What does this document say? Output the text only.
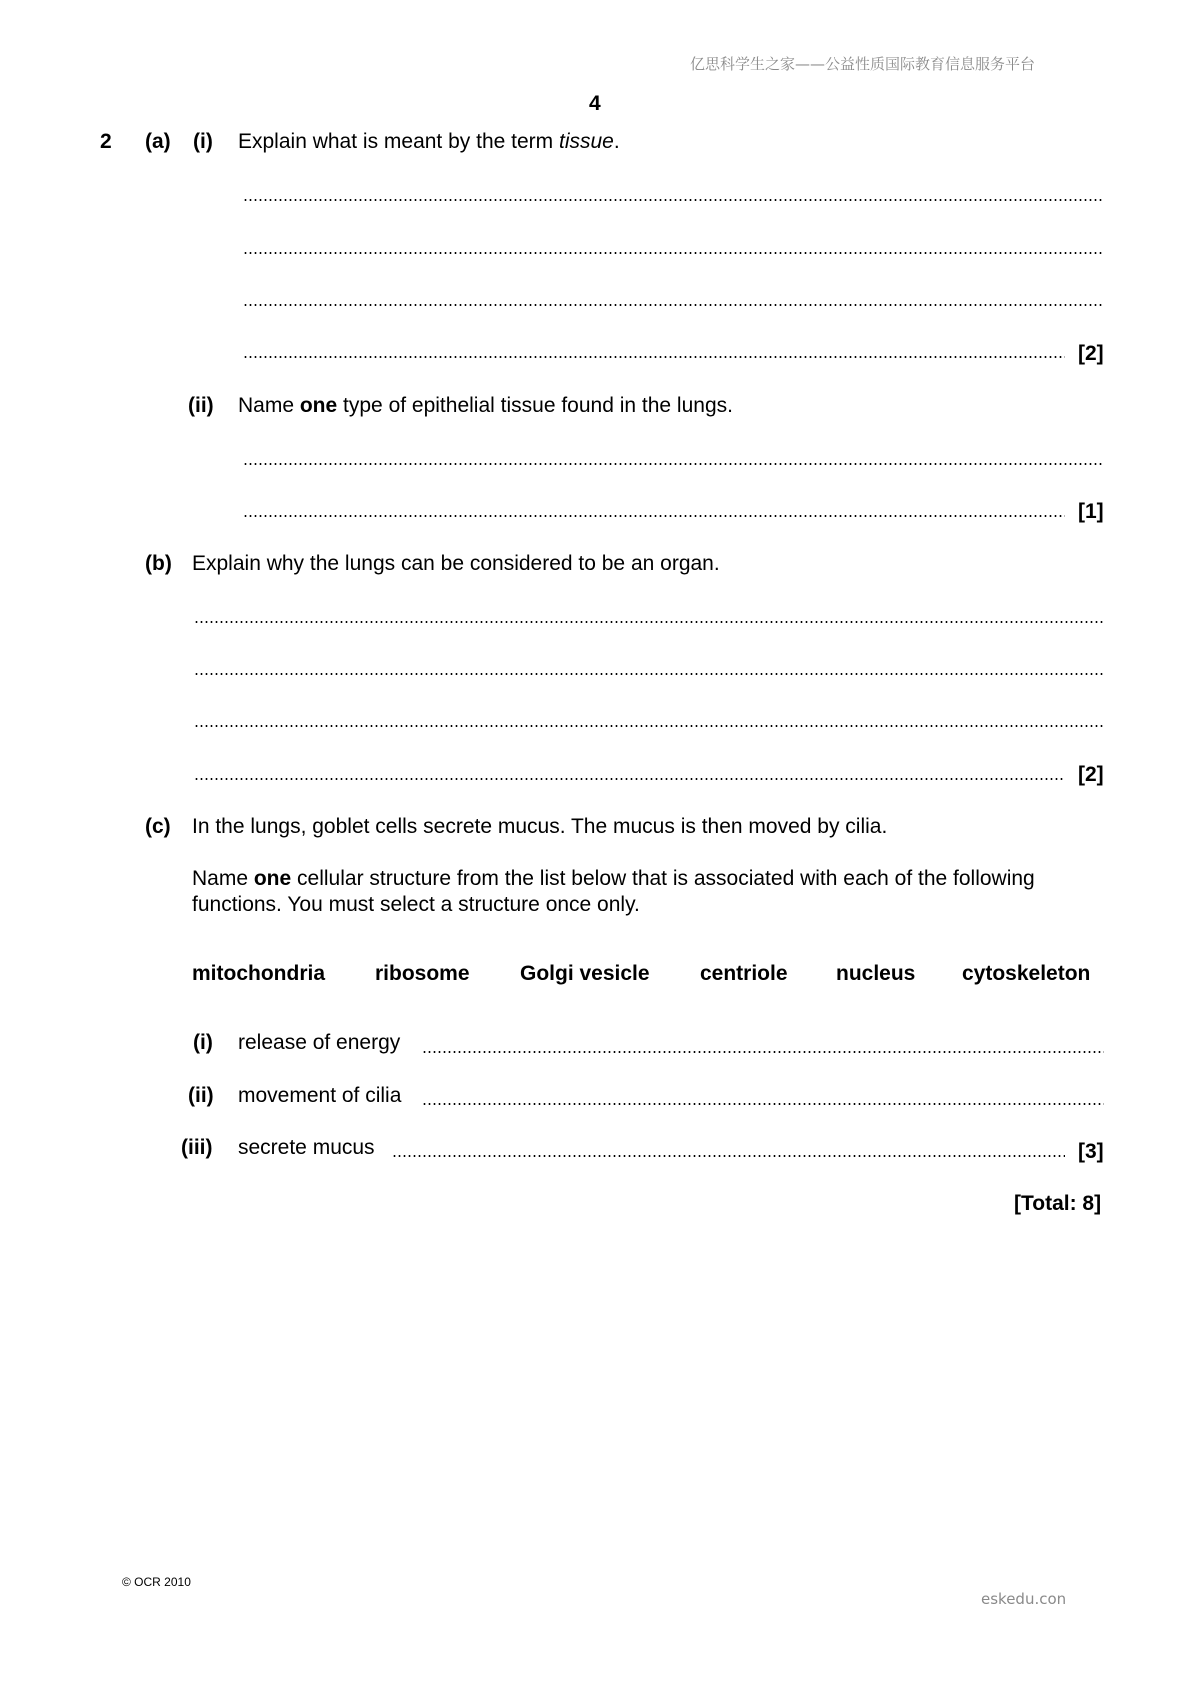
亿思科学生之家——公益性质国际教育信息服务平台
4
2 (a) (i) Explain what is meant by the term tissue.
[2]
(ii) Name one type of epithelial tissue found in the lungs.
[1]
(b) Explain why the lungs can be considered to be an organ.
[2]
(c) In the lungs, goblet cells secrete mucus. The mucus is then moved by cilia.
Name one cellular structure from the list below that is associated with each of the following
functions. You must select a structure once only.
mitochondria ribosome Golgi vesicle centriole nucleus cytoskeleton
(i) release of energy
(ii) movement of cilia
(iii) secrete mucus	[3]
[Total: 8]
© OCR 2010
eskedu.con
